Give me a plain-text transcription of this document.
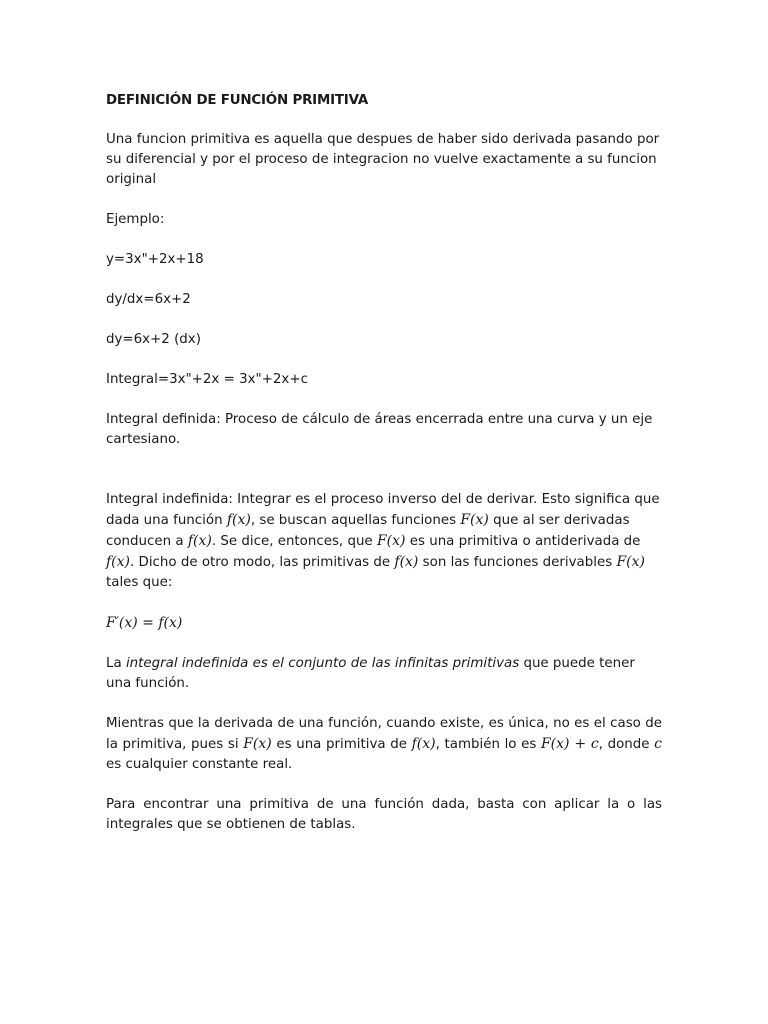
DEFINICIÓN DE FUNCIÓN PRIMITIVA

Una funcion primitiva es aquella que despues de haber sido derivada pasando por su diferencial y por el proceso de integracion no vuelve exactamente a su funcion original

Ejemplo:

y=3x"+2x+18

dy/dx=6x+2

dy=6x+2 (dx)

Integral=3x"+2x = 3x"+2x+c

Integral definida: Proceso de cálculo de áreas encerrada entre una curva y un eje cartesiano.

Integral indefinida: Integrar es el proceso inverso del de derivar. Esto significa que dada una función f(x), se buscan aquellas funciones F(x) que al ser derivadas conducen a f(x). Se dice, entonces, que F(x) es una primitiva o antiderivada de f(x). Dicho de otro modo, las primitivas de f(x) son las funciones derivables F(x) tales que:

F′(x) = f(x)

La integral indefinida es el conjunto de las infinitas primitivas que puede tener una función.

Mientras que la derivada de una función, cuando existe, es única, no es el caso de la primitiva, pues si F(x) es una primitiva de f(x), también lo es F(x) + c, donde c es cualquier constante real.

Para encontrar una primitiva de una función dada, basta con aplicar la o las integrales que se obtienen de tablas.
